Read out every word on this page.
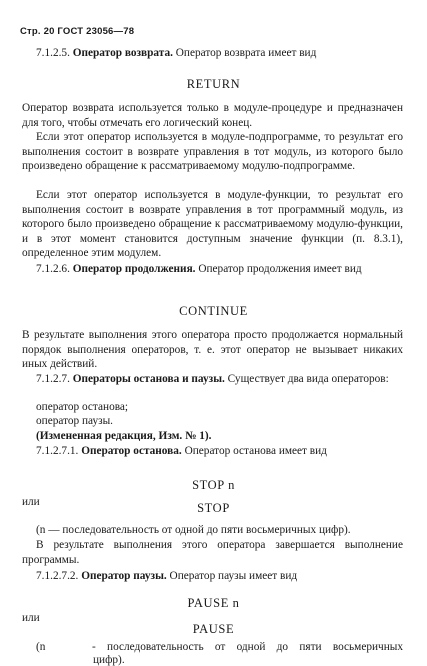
Стр. 20 ГОСТ 23056—78

7.1.2.5. Оператор возврата. Оператор возврата имеет вид

RETURN

Оператор возврата используется только в модуле-процедуре и предназначен для того, чтобы отмечать его логический конец.

Если этот оператор используется в модуле-подпрограмме, то результат его выполнения состоит в возврате управления в тот модуль, из которого было произведено обращение к рассматриваемому модулю-подпрограмме.

Если этот оператор используется в модуле-функции, то результат его выполнения состоит в возврате управления в тот программный модуль, из которого было произведено обращение к рассматриваемому модулю-функции, и в этот момент становится доступным значение функции (п. 8.3.1), определенное этим модулем.

7.1.2.6. Оператор продолжения. Оператор продолжения имеет вид

CONTINUE

В результате выполнения этого оператора просто продолжается нормальный порядок выполнения операторов, т. е. этот оператор не вызывает никаких иных действий.

7.1.2.7. Операторы останова и паузы. Существует два вида операторов:

оператор останова;

оператор паузы.

(Измененная редакция, Изм. № 1).

7.1.2.7.1. Оператор останова. Оператор останова имеет вид

STOP n

или	STOP

(n — последовательность от одной до пяти восьмеричных цифр).

В результате выполнения этого оператора завершается выполнение программы.

7.1.2.7.2. Оператор паузы. Оператор паузы имеет вид

PAUSE n

или

PAUSE

(n	- последовательность от одной до пяти восьмеричных

цифр).
